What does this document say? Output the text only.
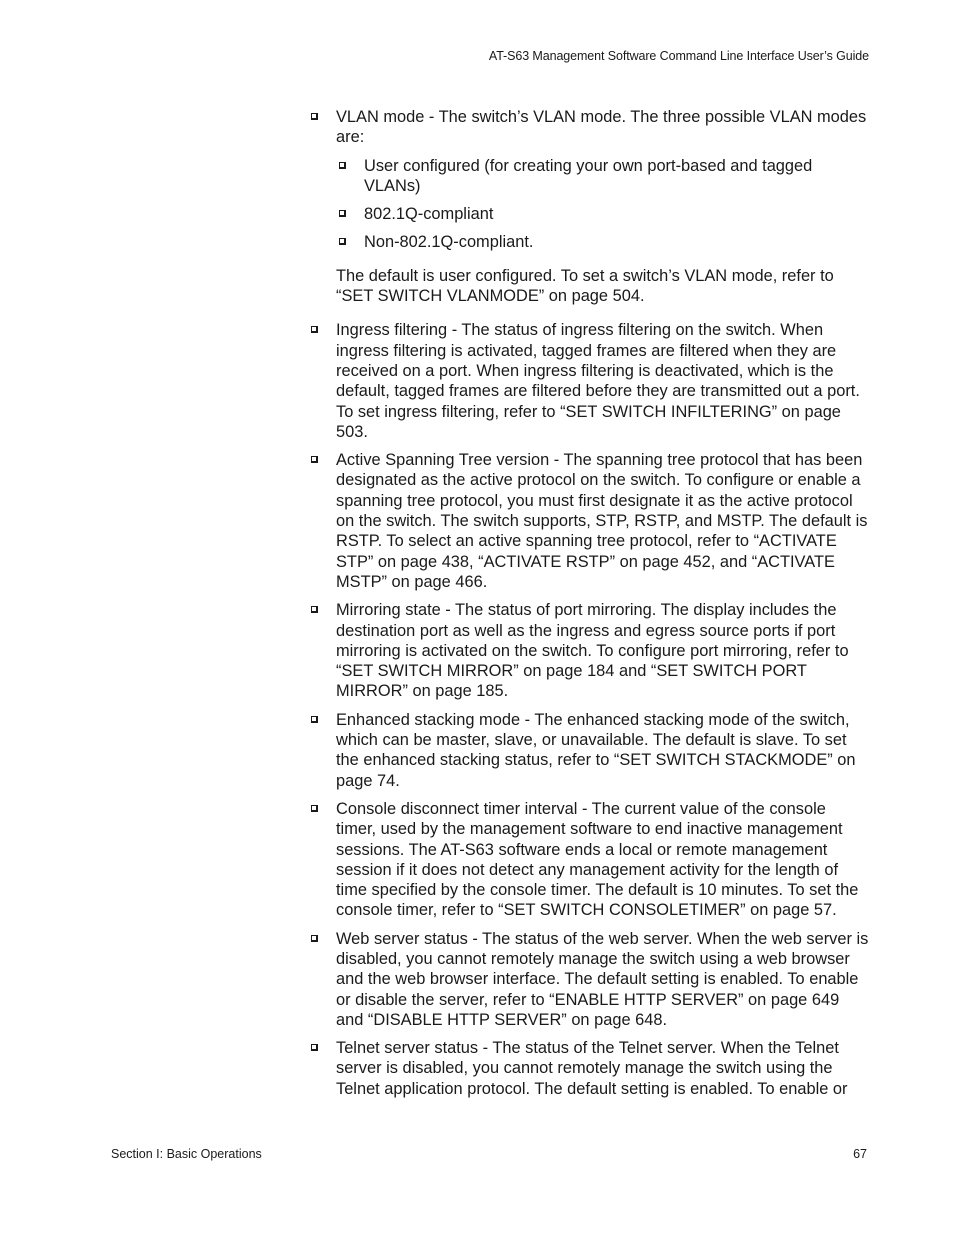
AT-S63 Management Software Command Line Interface User’s Guide
VLAN mode - The switch’s VLAN mode. The three possible VLAN modes are:
User configured (for creating your own port-based and tagged VLANs)
802.1Q-compliant
Non-802.1Q-compliant.
The default is user configured. To set a switch’s VLAN mode, refer to “SET SWITCH VLANMODE” on page 504.
Ingress filtering - The status of ingress filtering on the switch. When ingress filtering is activated, tagged frames are filtered when they are received on a port. When ingress filtering is deactivated, which is the default, tagged frames are filtered before they are transmitted out a port. To set ingress filtering, refer to “SET SWITCH INFILTERING” on page 503.
Active Spanning Tree version - The spanning tree protocol that has been designated as the active protocol on the switch. To configure or enable a spanning tree protocol, you must first designate it as the active protocol on the switch. The switch supports, STP, RSTP, and MSTP. The default is RSTP. To select an active spanning tree protocol, refer to “ACTIVATE STP” on page 438, “ACTIVATE RSTP” on page 452, and “ACTIVATE MSTP” on page 466.
Mirroring state - The status of port mirroring. The display includes the destination port as well as the ingress and egress source ports if port mirroring is activated on the switch. To configure port mirroring, refer to “SET SWITCH MIRROR” on page 184 and “SET SWITCH PORT MIRROR” on page 185.
Enhanced stacking mode - The enhanced stacking mode of the switch, which can be master, slave, or unavailable. The default is slave. To set the enhanced stacking status, refer to “SET SWITCH STACKMODE” on page 74.
Console disconnect timer interval - The current value of the console timer, used by the management software to end inactive management sessions. The AT-S63 software ends a local or remote management session if it does not detect any management activity for the length of time specified by the console timer. The default is 10 minutes. To set the console timer, refer to “SET SWITCH CONSOLETIMER” on page 57.
Web server status - The status of the web server. When the web server is disabled, you cannot remotely manage the switch using a web browser and the web browser interface. The default setting is enabled. To enable or disable the server, refer to “ENABLE HTTP SERVER” on page 649 and “DISABLE HTTP SERVER” on page 648.
Telnet server status - The status of the Telnet server. When the Telnet server is disabled, you cannot remotely manage the switch using the Telnet application protocol. The default setting is enabled. To enable or
Section I: Basic Operations	67
